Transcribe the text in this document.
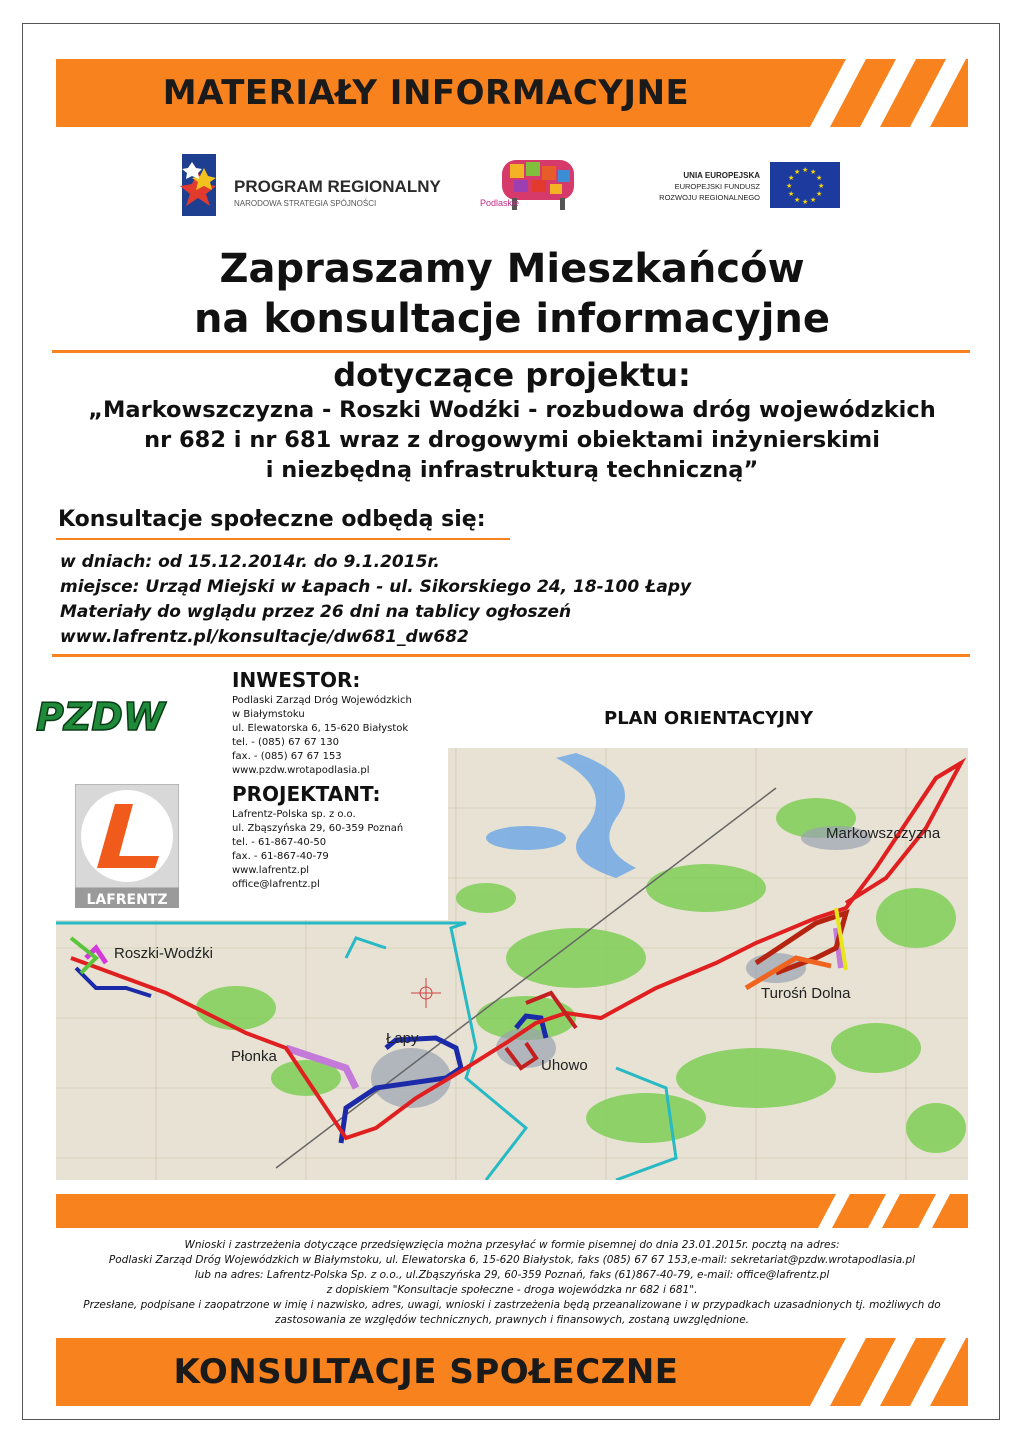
MATERIAŁY INFORMACYJNE
PROGRAM REGIONALNY
NARODOWA STRATEGIA SPÓJNOŚCI	Podlaskie
UNIA EUROPEJSKA
EUROPEJSKI FUNDUSZ
ROZWOJU REGIONALNEGO
★ ★
★
★
★
★
★
★
★
★
★
★
Zapraszamy Mieszkańców
na konsultacje informacyjne
dotyczące projektu:
„Markowszczyzna - Roszki Wodźki - rozbudowa dróg wojewódzkich
nr 682 i nr 681 wraz z drogowymi obiektami inżynierskimi
i niezbędną infrastrukturą techniczną”
Konsultacje społeczne odbędą się:
w dniach: od 15.12.2014r. do 9.1.2015r.
miejsce: Urząd Miejski w Łapach - ul. Sikorskiego 24, 18-100 Łapy
Materiały do wglądu przez 26 dni na tablicy ogłoszeń
www.lafrentz.pl/konsultacje/dw681_dw682
Markowszczyzna
Roszki-Wodźki
Turośń Dolna
Łapy
Płonka
Uhowo
PLAN ORIENTACYJNY
PZDW
LAFRENTZ
INWESTOR:
Podlaski Zarząd Dróg Wojewódzkich
w Białymstoku
ul. Elewatorska 6, 15-620 Białystok
tel. - (085) 67 67 130
fax. - (085) 67 67 153
www.pzdw.wrotapodlasia.pl
PROJEKTANT:
Lafrentz-Polska sp. z o.o.
ul. Zbąszyńska 29, 60-359 Poznań
tel. - 61-867-40-50
fax. - 61-867-40-79
www.lafrentz.pl
office@lafrentz.pl
Wnioski i zastrzeżenia dotyczące przedsięwzięcia można przesyłać w formie pisemnej do dnia 23.01.2015r. pocztą na adres:
Podlaski Zarząd Dróg Wojewódzkich w Białymstoku, ul. Elewatorska 6, 15-620 Białystok, faks (085) 67 67 153,e-mail: sekretariat@pzdw.wrotapodlasia.pl
lub na adres: Lafrentz-Polska Sp. z o.o., ul.Zbąszyńska 29, 60-359 Poznań, faks (61)867-40-79, e-mail: office@lafrentz.pl
z dopiskiem "Konsultacje społeczne - droga wojewódzka nr 682 i 681".
Przesłane, podpisane i zaopatrzone w imię i nazwisko, adres, uwagi, wnioski i zastrzeżenia będą przeanalizowane i w przypadkach uzasadnionych tj. możliwych do
zastosowania ze względów technicznych, prawnych i finansowych, zostaną uwzględnione.
KONSULTACJE SPOŁECZNE
